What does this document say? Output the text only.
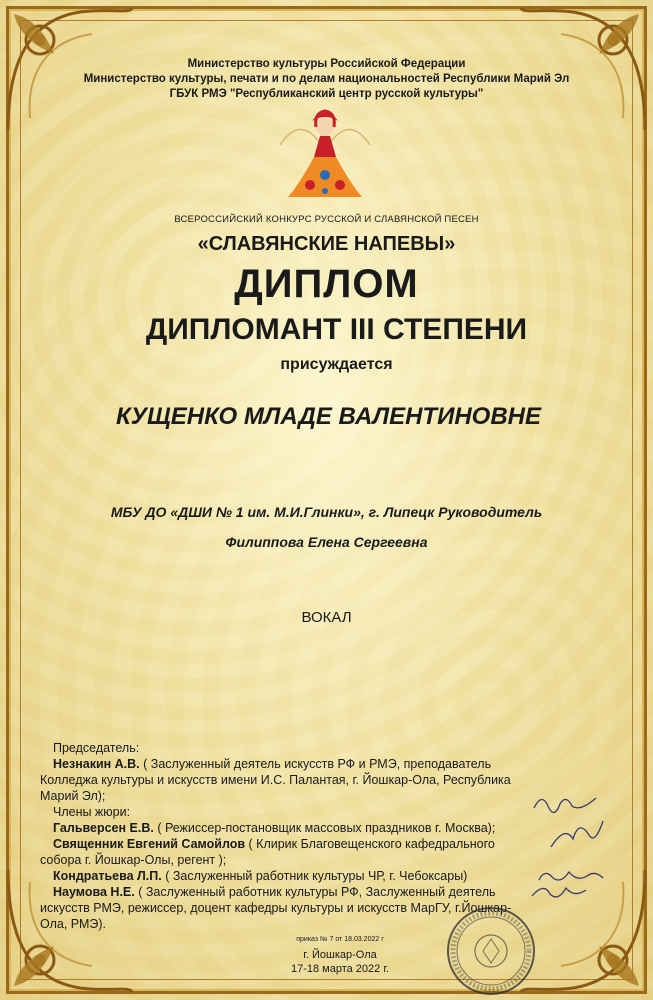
Министерство культуры Российской Федерации
Министерство культуры, печати и по делам национальностей Республики Марий Эл
ГБУК РМЭ "Республиканский центр русской культуры"
ВСЕРОССИЙСКИЙ КОНКУРС РУССКОЙ И СЛАВЯНСКОЙ ПЕСЕН
«СЛАВЯНСКИЕ НАПЕВЫ»
ДИПЛОМ
ДИПЛОМАНТ III СТЕПЕНИ
присуждается
КУЩЕНКО МЛАДЕ ВАЛЕНТИНОВНЕ
МБУ ДО «ДШИ № 1 им. М.И.Глинки», г. Липецк Руководитель
Филиппова Елена Сергеевна
ВОКАЛ

Председатель:

Незнакин А.В. ( Заслуженный деятель искусств РФ и РМЭ, преподаватель

Колледжа культуры и искусств имени И.С. Палантая, г. Йошкар-Ола, Республика

Марий Эл);

Члены жюри:

Гальверсен Е.В. ( Режиссер-постановщик массовых праздников г. Москва);

Священник Евгений Самойлов ( Клирик Благовещенского кафедрального

собора г. Йошкар-Олы, регент );

Кондратьева Л.П. ( Заслуженный работник культуры ЧР, г. Чебоксары)

Наумова Н.Е. ( Заслуженный работник культуры РФ, Заслуженный деятель

искусств РМЭ, режиссер, доцент кафедры культуры и искусств МарГУ, г.Йошкар-

Ола, РМЭ).

приказ № 7 от 18.03.2022 г
г. Йошкар-Ола
17-18 марта 2022 г.
